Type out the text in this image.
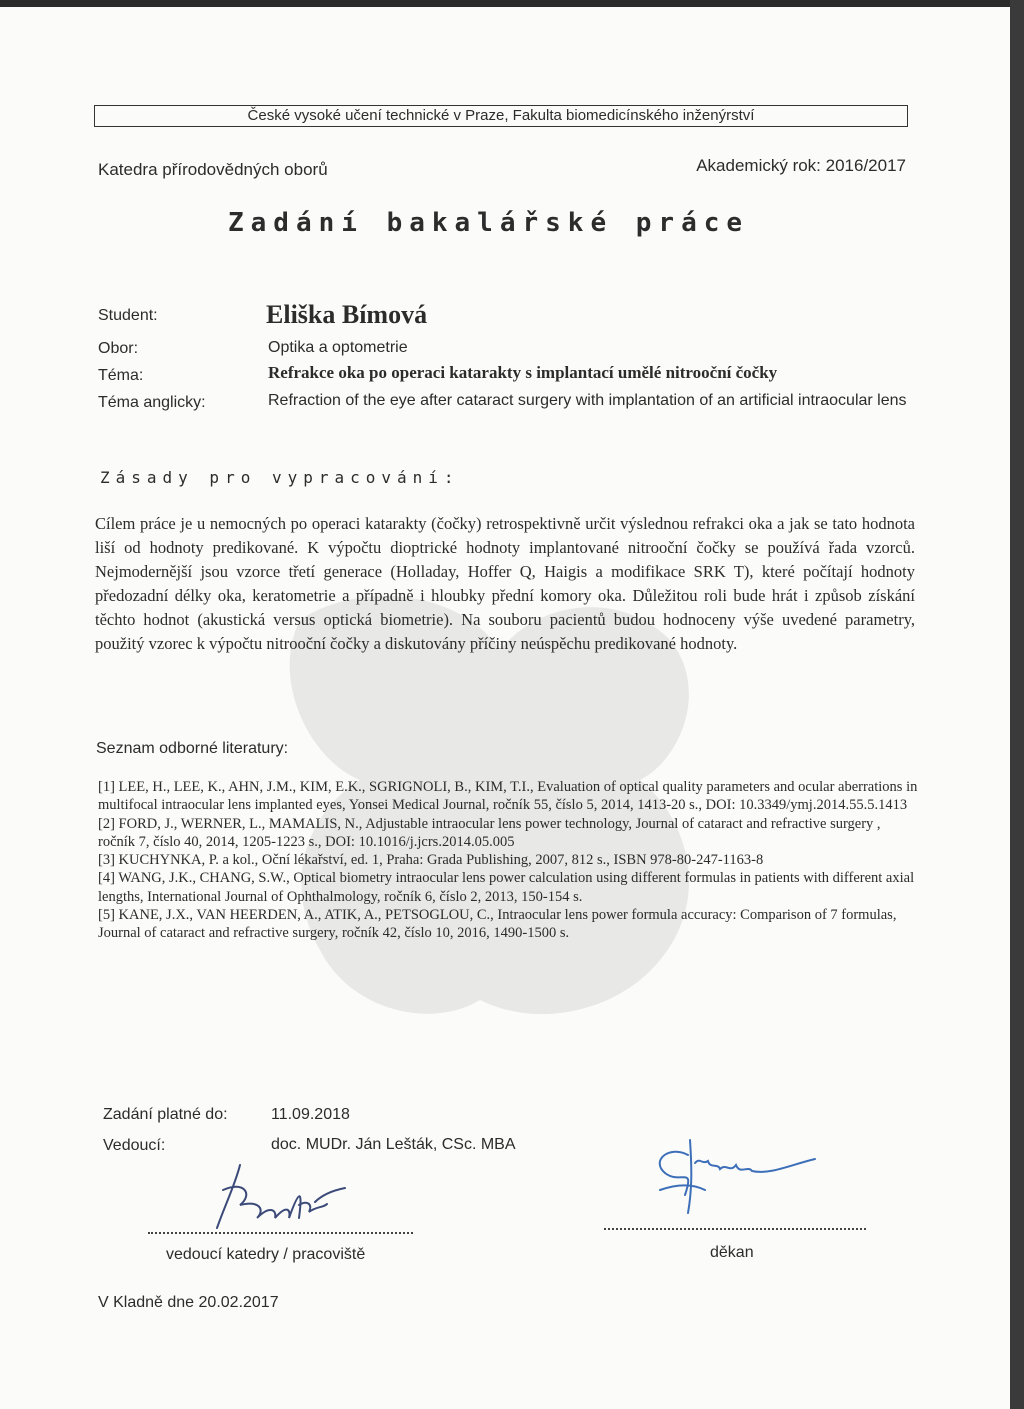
České vysoké učení technické v Praze, Fakulta biomedicínského inženýrství
Katedra přírodovědných oborů	Akademický rok: 2016/2017
Zadání bakalářské práce
Student:	Eliška Bímová
Obor:	Optika a optometrie
Téma:	Refrakce oka po operaci katarakty s implantací umělé nitrooční čočky
Téma anglicky:	Refraction of the eye after cataract surgery with implantation of an artificial intraocular lens
Zásady pro vypracování:
Cílem práce je u nemocných po operaci katarakty (čočky) retrospektivně určit výslednou refrakci oka a jak se tato hodnota liší od hodnoty predikované. K výpočtu dioptrické hodnoty implantované nitrooční čočky se používá řada vzorců. Nejmodernější jsou vzorce třetí generace (Holladay, Hoffer Q, Haigis a modifikace SRK T), které počítají hodnoty předozadní délky oka, keratometrie a případně i hloubky přední komory oka. Důležitou roli bude hrát i způsob získání těchto hodnot (akustická versus optická biometrie). Na souboru pacientů budou hodnoceny výše uvedené parametry, použitý vzorec k výpočtu nitrooční čočky a diskutovány příčiny neúspěchu predikované hodnoty.
Seznam odborné literatury:
[1] LEE, H., LEE, K., AHN, J.M., KIM, E.K., SGRIGNOLI, B., KIM, T.I., Evaluation of optical quality parameters and ocular aberrations in multifocal intraocular lens implanted eyes, Yonsei Medical Journal, ročník 55, číslo 5, 2014, 1413-20 s., DOI: 10.3349/ymj.2014.55.5.1413
[2] FORD, J., WERNER, L., MAMALIS, N., Adjustable intraocular lens power technology, Journal of cataract and refractive surgery , ročník 7, číslo 40, 2014, 1205-1223 s., DOI: 10.1016/j.jcrs.2014.05.005
[3] KUCHYNKA, P. a kol., Oční lékařství, ed. 1, Praha: Grada Publishing, 2007, 812 s., ISBN 978-80-247-1163-8
[4] WANG, J.K., CHANG, S.W., Optical biometry intraocular lens power calculation using different formulas in patients with different axial lengths, International Journal of Ophthalmology, ročník 6, číslo 2, 2013, 150-154 s.
[5] KANE, J.X., VAN HEERDEN, A., ATIK, A., PETSOGLOU, C., Intraocular lens power formula accuracy: Comparison of 7 formulas, Journal of cataract and refractive surgery, ročník 42, číslo 10, 2016, 1490-1500 s.
Zadání platné do:	11.09.2018
Vedoucí:	doc. MUDr. Ján Lešták, CSc. MBA
vedoucí katedry / pracoviště	děkan
V Kladně dne 20.02.2017
